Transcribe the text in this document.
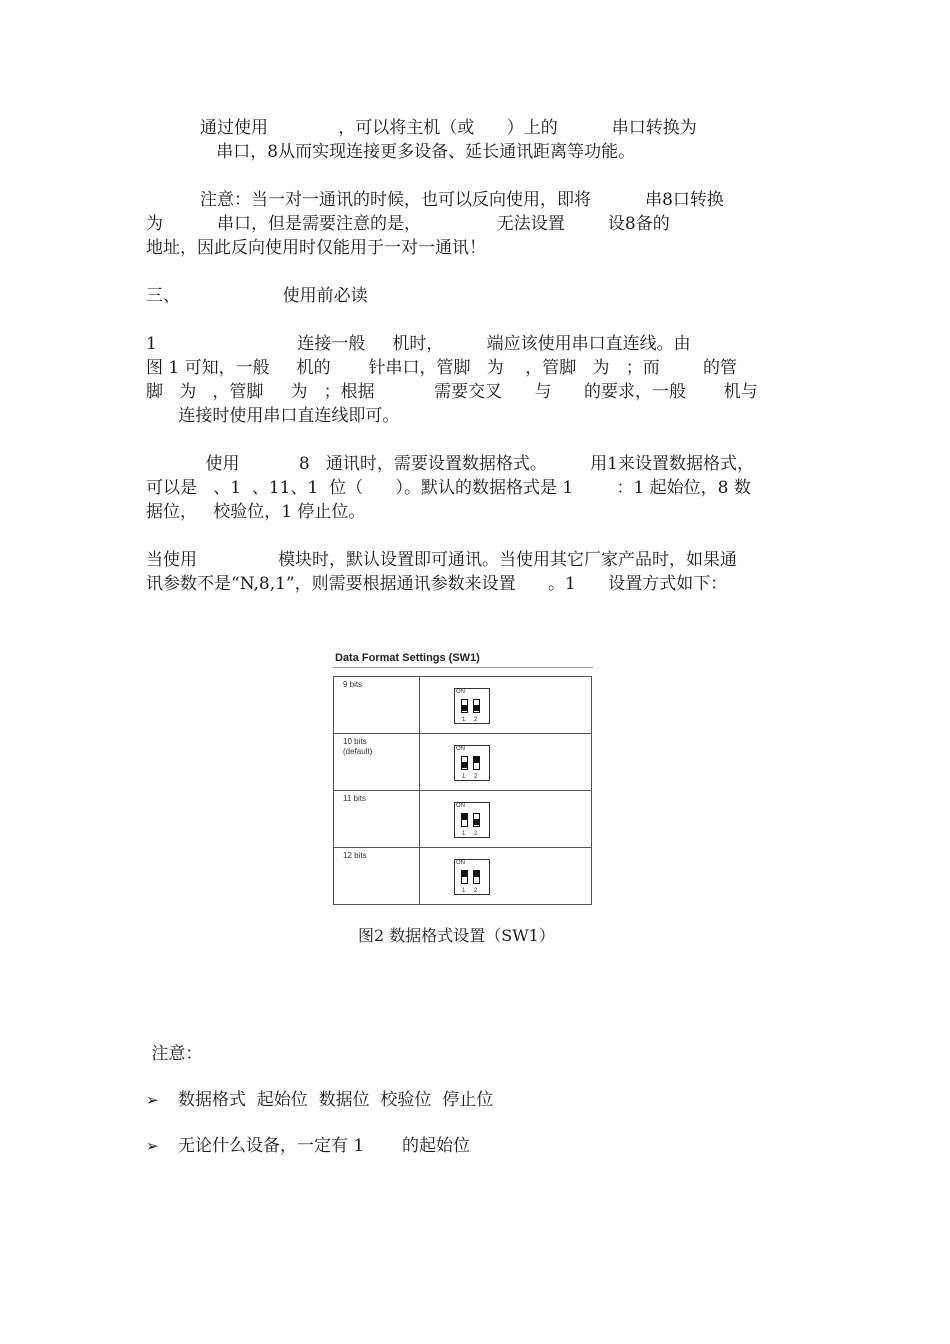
通过使用             ，可以将主机（或      ）上的          串口转换为
串口，8从而实现连接更多设备、延长通讯距离等功能。
注意：当一对一通讯的时候，也可以反向使用，即将          串8口转换
为          串口，但是需要注意的是，              无法设置        设8备的
地址，因此反向使用时仅能用于一对一通讯！
三、                   使用前必读
1                          连接一般     机时，        端应该使用串口直连线。由
图 1 可知，一般     机的       针串口，管脚   为    ，管脚   为   ；而        的管
脚   为   ，管脚     为   ；根据           需要交叉      与      的要求，一般       机与
连接时使用串口直连线即可。
使用           8   通讯时，需要设置数据格式。        用1来设置数据格式，
可以是   、1  、11、1  位（      ）。默认的数据格式是 1        ：1 起始位，8 数
据位，   校验位，1 停止位。
当使用               模块时，默认设置即可通讯。当使用其它厂家产品时，如果通
讯参数不是“N,8,1”，则需要根据通讯参数来设置      。1      设置方式如下：
注意：
Data Format Settings (SW1)
9 bits	ON
1 2

10 bits
(default)	ON
1 2

11 bits	ON
1 2

12 bits	ON
1 2
图2 数据格式设置（SW1）
➢ 数据格式  起始位  数据位  校验位  停止位
➢ 无论什么设备，一定有 1       的起始位
